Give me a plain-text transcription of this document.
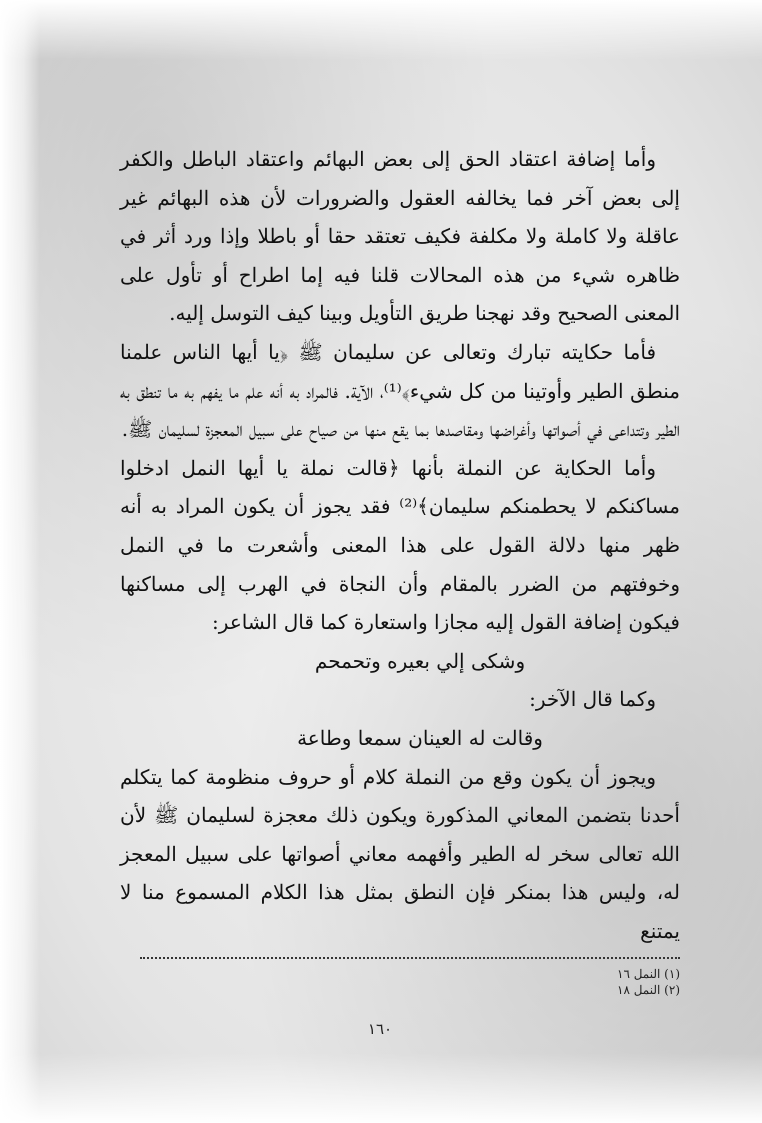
وأما إضافة اعتقاد الحق إلى بعض البهائم واعتقاد الباطل والكفر إلى بعض آخر فما يخالفه العقول والضرورات لأن هذه البهائم غير عاقلة ولا كاملة ولا مكلفة فكيف تعتقد حقا أو باطلا وإذا ورد أثر في ظاهره شيء من هذه المحالات قلنا فيه إما اطراح أو تأول على المعنى الصحيح وقد نهجنا طريق التأويل وبينا كيف التوسل إليه.

فأما حكايته تبارك وتعالى عن سليمان ﷺ ﴿يا أيها الناس علمنا منطق الطير وأوتينا من كل شيء﴾⁽¹⁾، الآية. فالمراد به أنه علم ما يفهم به ما تنطق به الطير وتتداعى في أصواتها وأغراضها ومقاصدها بما يقع منها من صياح على سبيل المعجزة لسليمان ﷺ.

وأما الحكاية عن النملة بأنها ﴿قالت نملة يا أيها النمل ادخلوا مساكنكم لا يحطمنكم سليمان﴾⁽²⁾ فقد يجوز أن يكون المراد به أنه ظهر منها دلالة القول على هذا المعنى وأشعرت ما في النمل وخوفتهم من الضرر بالمقام وأن النجاة في الهرب إلى مساكنها فيكون إضافة القول إليه مجازا واستعارة كما قال الشاعر:

وشكى إلي بعيره وتحمحم

وكما قال الآخر:

وقالت له العينان سمعا وطاعة

ويجوز أن يكون وقع من النملة كلام أو حروف منظومة كما يتكلم أحدنا بتضمن المعاني المذكورة ويكون ذلك معجزة لسليمان ﷺ لأن الله تعالى سخر له الطير وأفهمه معاني أصواتها على سبيل المعجز له، وليس هذا بمنكر فإن النطق بمثل هذا الكلام المسموع منا لا يمتنع

(١) النمل ١٦
(٢) النمل ١٨
١٦٠
